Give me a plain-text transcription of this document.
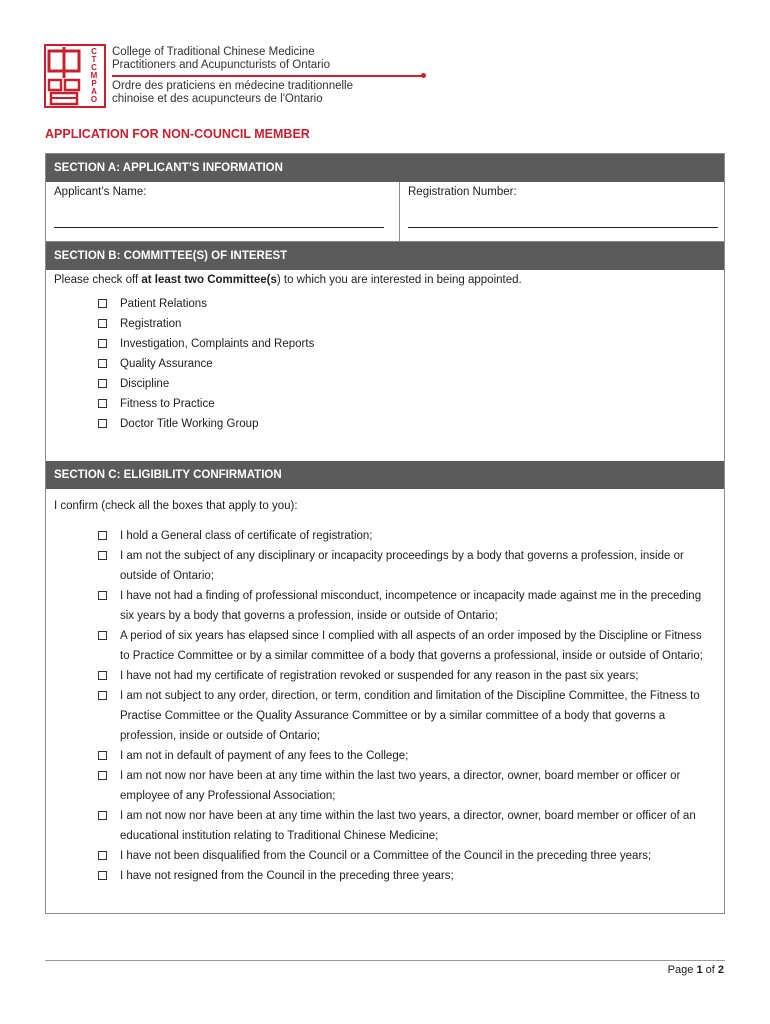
C
T
C
M
P
A
O
College of Traditional Chinese Medicine
Practitioners and Acupuncturists of Ontario
Ordre des praticiens en médecine traditionnelle
chinoise et des acupuncteurs de l'Ontario
APPLICATION FOR NON-COUNCIL MEMBER
SECTION A: APPLICANT’S INFORMATION
Applicant’s Name:	Registration Number:
SECTION B: COMMITTEE(S) OF INTEREST
Please check off at least two Committee(s) to which you are interested in being appointed.
Patient Relations
Registration
Investigation, Complaints and Reports
Quality Assurance
Discipline
Fitness to Practice
Doctor Title Working Group
SECTION C: ELIGIBILITY CONFIRMATION
I confirm (check all the boxes that apply to you):
I hold a General class of certificate of registration;
I am not the subject of any disciplinary or incapacity proceedings by a body that governs a profession, inside or outside of Ontario;
I have not had a finding of professional misconduct, incompetence or incapacity made against me in the preceding six years by a body that governs a profession, inside or outside of Ontario;
A period of six years has elapsed since I complied with all aspects of an order imposed by the Discipline or Fitness to Practice Committee or by a similar committee of a body that governs a professional, inside or outside of Ontario;
I have not had my certificate of registration revoked or suspended for any reason in the past six years;
I am not subject to any order, direction, or term, condition and limitation of the Discipline Committee, the Fitness to Practise Committee or the Quality Assurance Committee or by a similar committee of a body that governs a profession, inside or outside of Ontario;
I am not in default of payment of any fees to the College;
I am not now nor have been at any time within the last two years, a director, owner, board member or officer or employee of any Professional Association;
I am not now nor have been at any time within the last two years, a director, owner, board member or officer of an educational institution relating to Traditional Chinese Medicine;
I have not been disqualified from the Council or a Committee of the Council in the preceding three years;
I have not resigned from the Council in the preceding three years;
Page 1 of 2
